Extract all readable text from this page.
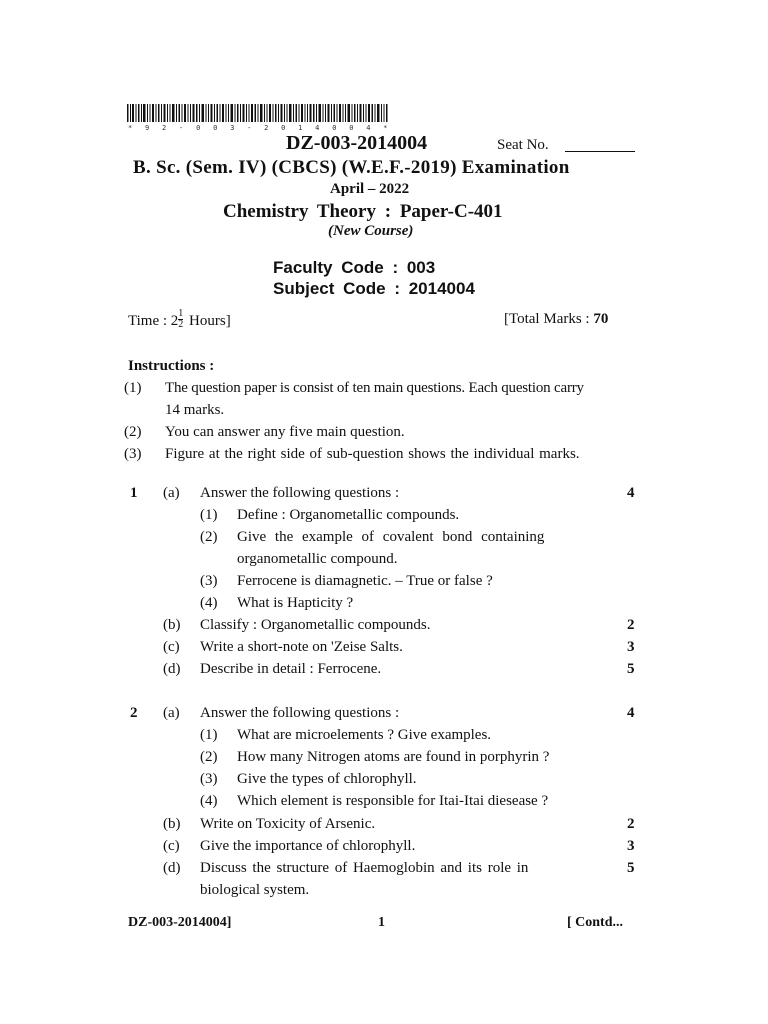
* 9 2 - 0 0 3 - 2 0 1 4 0 0 4 *
DZ-003-2014004	Seat No.
B. Sc. (Sem. IV) (CBCS) (W.E.F.-2019) Examination
April – 2022
Chemistry Theory : Paper-C-401
(New Course)
Faculty Code : 003
Subject Code : 2014004
Time : $2 \frac{1}{2}$ Hours]	[Total Marks : 70
Instructions :
(1) The question paper is consist of ten main questions. Each question carry
14 marks.
(2) You can answer any five main question.
(3) Figure at the right side of sub-question shows the individual marks.
1 (a) Answer the following questions :	4
(1) Define : Organometallic compounds.
(2) Give the example of covalent bond containing
organometallic compound.
(3) Ferrocene is diamagnetic. – True or false ?
(4) What is Hapticity ?
(b) Classify : Organometallic compounds.	2
(c) Write a short-note on 'Zeise Salts.	3
(d) Describe in detail : Ferrocene.	5
2 (a) Answer the following questions :	4
(1) What are microelements ? Give examples.
(2) How many Nitrogen atoms are found in porphyrin ?
(3) Give the types of chlorophyll.
(4) Which element is responsible for Itai-Itai diesease ?
(b) Write on Toxicity of Arsenic.	2
(c) Give the importance of chlorophyll.	3
(d) Discuss the structure of Haemoglobin and its role in
biological system.
5
DZ-003-2014004]	1	[ Contd...
